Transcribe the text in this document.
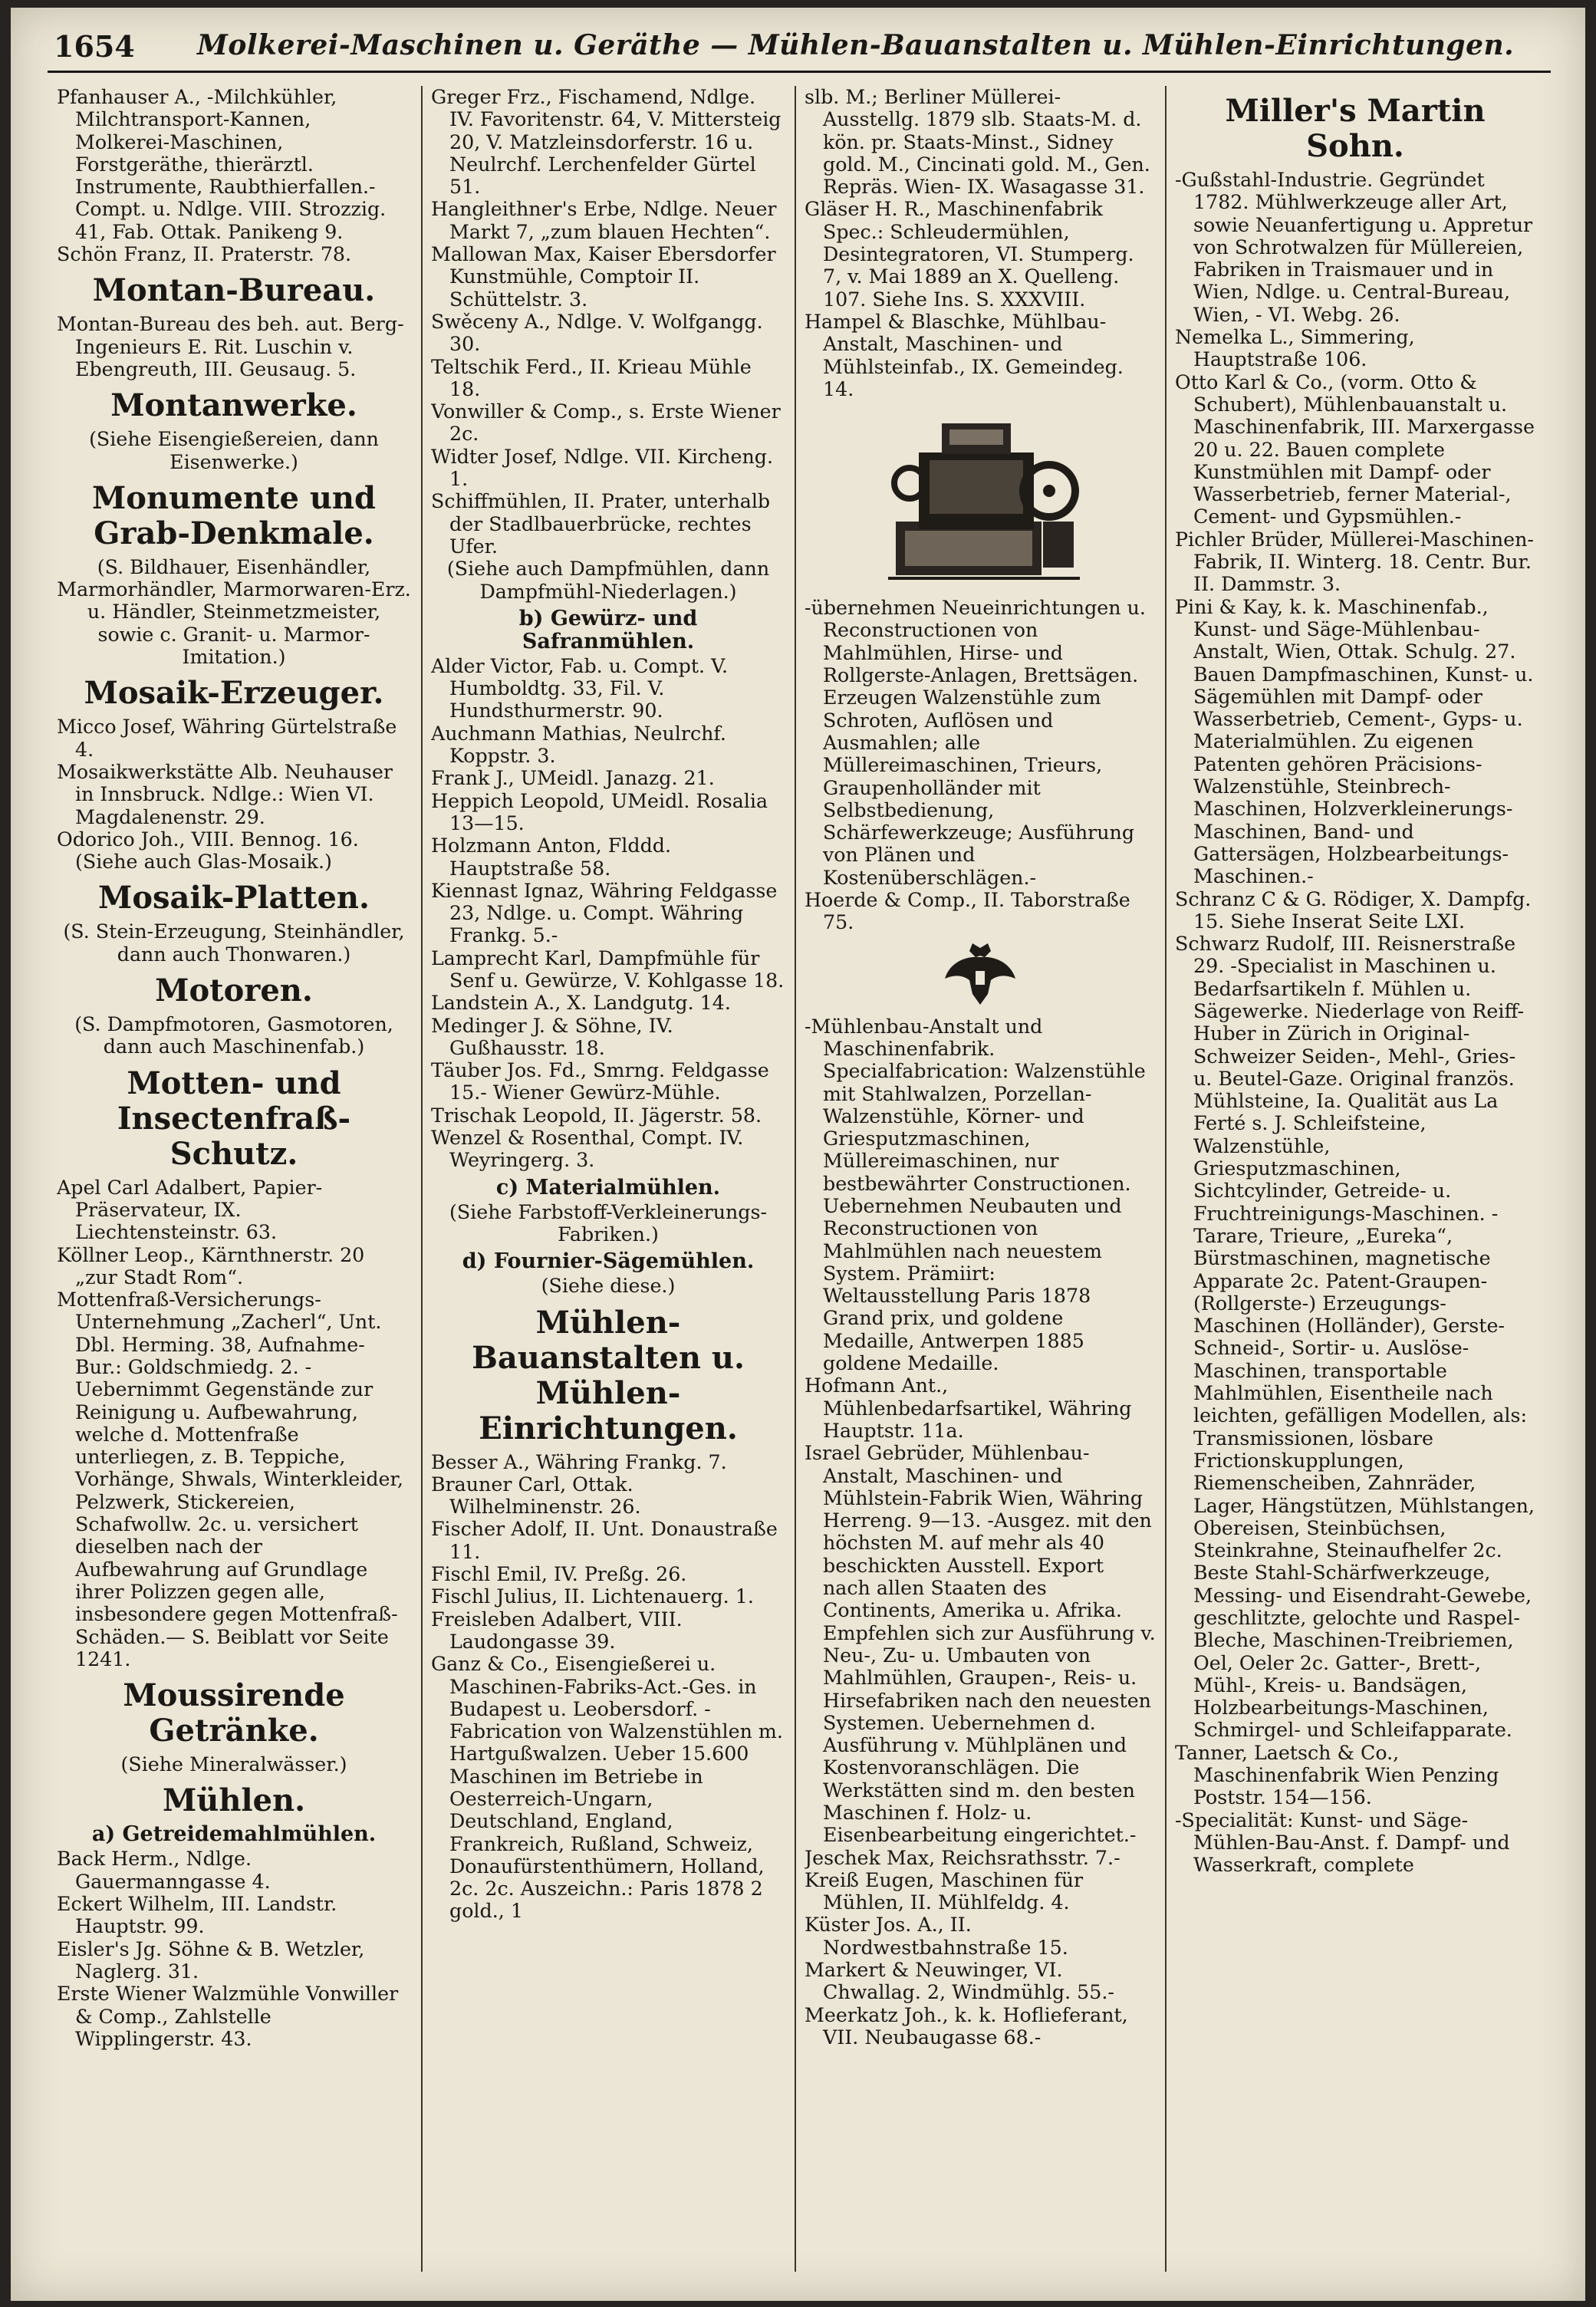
1654 Molkerei-Maschinen u. Geräthe — Mühlen-Bauanstalten u. Mühlen-Einrichtungen.

Pfanhauser A., -Milchkühler, Milchtransport-Kannen, Molkerei-Maschinen, Forstgeräthe, thierärztl. Instrumente, Raubthierfallen.- Compt. u. Ndlge. VIII. Strozzig. 41, Fab. Ottak. Panikeng 9.

Schön Franz, II. Praterstr. 78.

Montan-Bureau.

Montan-Bureau des beh. aut. Berg-Ingenieurs E. Rit. Luschin v. Ebengreuth, III. Geusaug. 5.

Montanwerke.

(Siehe Eisengießereien, dann Eisenwerke.)

Monumente und Grab-Denkmale.

(S. Bildhauer, Eisenhändler, Marmorhändler, Marmorwaren-Erz. u. Händler, Steinmetzmeister, sowie c. Granit- u. Marmor-Imitation.)

Mosaik-Erzeuger.

Micco Josef, Währing Gürtelstraße 4.

Mosaikwerkstätte Alb. Neuhauser in Innsbruck. Ndlge.: Wien VI. Magdalenenstr. 29.

Odorico Joh., VIII. Bennog. 16. (Siehe auch Glas-Mosaik.)

Mosaik-Platten.

(S. Stein-Erzeugung, Steinhändler, dann auch Thonwaren.)

Motoren.

(S. Dampfmotoren, Gasmotoren, dann auch Maschinenfab.)

Motten- und Insectenfraß-Schutz.

Apel Carl Adalbert, Papier-Präservateur, IX. Liechtensteinstr. 63.

Köllner Leop., Kärnthnerstr. 20 „zur Stadt Rom“.

Mottenfraß-Versicherungs-Unternehmung „Zacherl“, Unt. Dbl. Herming. 38, Aufnahme-Bur.: Goldschmiedg. 2. -Uebernimmt Gegenstände zur Reinigung u. Aufbewahrung, welche d. Mottenfraße unterliegen, z. B. Teppiche, Vorhänge, Shwals, Winterkleider, Pelzwerk, Stickereien, Schafwollw. 2c. u. versichert dieselben nach der Aufbewahrung auf Grundlage ihrer Polizzen gegen alle, insbesondere gegen Mottenfraß-Schäden.— S. Beiblatt vor Seite 1241.

Moussirende Getränke.

(Siehe Mineralwässer.)

Mühlen.

a) Getreidemahlmühlen.

Back Herm., Ndlge. Gauermanngasse 4.

Eckert Wilhelm, III. Landstr. Hauptstr. 99.

Eisler's Jg. Söhne & B. Wetzler, Naglerg. 31.

Erste Wiener Walzmühle Vonwiller & Comp., Zahlstelle Wipplingerstr. 43.

Greger Frz., Fischamend, Ndlge. IV. Favoritenstr. 64, V. Mittersteig 20, V. Matzleinsdorferstr. 16 u. Neulrchf. Lerchenfelder Gürtel 51.

Hangleithner's Erbe, Ndlge. Neuer Markt 7, „zum blauen Hechten“.

Mallowan Max, Kaiser Ebersdorfer Kunstmühle, Comptoir II. Schüttelstr. 3.

Swěceny A., Ndlge. V. Wolfgangg. 30.

Teltschik Ferd., II. Krieau Mühle 18.

Vonwiller & Comp., s. Erste Wiener 2c.

Widter Josef, Ndlge. VII. Kircheng. 1.

Schiffmühlen, II. Prater, unterhalb der Stadlbauerbrücke, rechtes Ufer.

(Siehe auch Dampfmühlen, dann Dampfmühl-Niederlagen.)

b) Gewürz- und Safranmühlen.

Alder Victor, Fab. u. Compt. V. Humboldtg. 33, Fil. V. Hundsthurmerstr. 90.

Auchmann Mathias, Neulrchf. Koppstr. 3.

Frank J., UMeidl. Janazg. 21.

Heppich Leopold, UMeidl. Rosalia 13—15.

Holzmann Anton, Flddd. Hauptstraße 58.

Kiennast Ignaz, Währing Feldgasse 23, Ndlge. u. Compt. Währing Frankg. 5.-

Lamprecht Karl, Dampfmühle für Senf u. Gewürze, V. Kohlgasse 18.

Landstein A., X. Landgutg. 14.

Medinger J. & Söhne, IV. Gußhausstr. 18.

Täuber Jos. Fd., Smrng. Feldgasse 15.- Wiener Gewürz-Mühle.

Trischak Leopold, II. Jägerstr. 58.

Wenzel & Rosenthal, Compt. IV. Weyringerg. 3.

c) Materialmühlen.

(Siehe Farbstoff-Verkleinerungs-Fabriken.)

d) Fournier-Sägemühlen.

(Siehe diese.)

Mühlen-Bauanstalten u. Mühlen-Einrichtungen.

Besser A., Währing Frankg. 7.

Brauner Carl, Ottak. Wilhelminenstr. 26.

Fischer Adolf, II. Unt. Donaustraße 11.

Fischl Emil, IV. Preßg. 26.

Fischl Julius, II. Lichtenauerg. 1.

Freisleben Adalbert, VIII. Laudongasse 39.

Ganz & Co., Eisengießerei u. Maschinen-Fabriks-Act.-Ges. in Budapest u. Leobersdorf. -Fabrication von Walzenstühlen m. Hartgußwalzen. Ueber 15.600 Maschinen im Betriebe in Oesterreich-Ungarn, Deutschland, England, Frankreich, Rußland, Schweiz, Donaufürstenthümern, Holland, 2c. 2c. Auszeichn.: Paris 1878 2 gold., 1

slb. M.; Berliner Müllerei-Ausstellg. 1879 slb. Staats-M. d. kön. pr. Staats-Minst., Sidney gold. M., Cincinati gold. M., Gen. Repräs. Wien- IX. Wasagasse 31.

Gläser H. R., Maschinenfabrik Spec.: Schleudermühlen, Desintegratoren, VI. Stumperg. 7, v. Mai 1889 an X. Quelleng. 107. Siehe Ins. S. XXXVIII.

Hampel & Blaschke, Mühlbau-Anstalt, Maschinen- und Mühlsteinfab., IX. Gemeindeg. 14.

-übernehmen Neueinrichtungen u. Reconstructionen von Mahlmühlen, Hirse- und Rollgerste-Anlagen, Brettsägen. Erzeugen Walzenstühle zum Schroten, Auflösen und Ausmahlen; alle Müllereimaschinen, Trieurs, Graupenholländer mit Selbstbedienung, Schärfewerkzeuge; Ausführung von Plänen und Kostenüberschlägen.-

Hoerde & Comp., II. Taborstraße 75.

-Mühlenbau-Anstalt und Maschinenfabrik. Specialfabrication: Walzenstühle mit Stahlwalzen, Porzellan-Walzenstühle, Körner- und Griesputzmaschinen, Müllereimaschinen, nur bestbewährter Constructionen. Uebernehmen Neubauten und Reconstructionen von Mahlmühlen nach neuestem System. Prämiirt: Weltausstellung Paris 1878 Grand prix, und goldene Medaille, Antwerpen 1885 goldene Medaille.

Hofmann Ant., Mühlenbedarfsartikel, Währing Hauptstr. 11a.

Israel Gebrüder, Mühlenbau-Anstalt, Maschinen- und Mühlstein-Fabrik Wien, Währing Herreng. 9—13. -Ausgez. mit den höchsten M. auf mehr als 40 beschickten Ausstell. Export nach allen Staaten des Continents, Amerika u. Afrika. Empfehlen sich zur Ausführung v. Neu-, Zu- u. Umbauten von Mahlmühlen, Graupen-, Reis- u. Hirsefabriken nach den neuesten Systemen. Uebernehmen d. Ausführung v. Mühlplänen und Kostenvoranschlägen. Die Werkstätten sind m. den besten Maschinen f. Holz- u. Eisenbearbeitung eingerichtet.-

Jeschek Max, Reichsrathsstr. 7.-

Kreiß Eugen, Maschinen für Mühlen, II. Mühlfeldg. 4.

Küster Jos. A., II. Nordwestbahnstraße 15.

Markert & Neuwinger, VI. Chwallag. 2, Windmühlg. 55.-

Meerkatz Joh., k. k. Hoflieferant, VII. Neubaugasse 68.-

Miller's Martin Sohn.

-Gußstahl-Industrie. Gegründet 1782. Mühlwerkzeuge aller Art, sowie Neuanfertigung u. Appretur von Schrotwalzen für Müllereien, Fabriken in Traismauer und in Wien, Ndlge. u. Central-Bureau, Wien, - VI. Webg. 26.

Nemelka L., Simmering, Hauptstraße 106.

Otto Karl & Co., (vorm. Otto & Schubert), Mühlenbauanstalt u. Maschinenfabrik, III. Marxergasse 20 u. 22. Bauen complete Kunstmühlen mit Dampf- oder Wasserbetrieb, ferner Material-, Cement- und Gypsmühlen.-

Pichler Brüder, Müllerei-Maschinen-Fabrik, II. Winterg. 18. Centr. Bur. II. Dammstr. 3.

Pini & Kay, k. k. Maschinenfab., Kunst- und Säge-Mühlenbau-Anstalt, Wien, Ottak. Schulg. 27. Bauen Dampfmaschinen, Kunst- u. Sägemühlen mit Dampf- oder Wasserbetrieb, Cement-, Gyps- u. Materialmühlen. Zu eigenen Patenten gehören Präcisions-Walzenstühle, Steinbrech-Maschinen, Holzverkleinerungs-Maschinen, Band- und Gattersägen, Holzbearbeitungs-Maschinen.-

Schranz C & G. Rödiger, X. Dampfg. 15. Siehe Inserat Seite LXI.

Schwarz Rudolf, III. Reisnerstraße 29. -Specialist in Maschinen u. Bedarfsartikeln f. Mühlen u. Sägewerke. Niederlage von Reiff-Huber in Zürich in Original-Schweizer Seiden-, Mehl-, Gries- u. Beutel-Gaze. Original französ. Mühlsteine, Ia. Qualität aus La Ferté s. J. Schleifsteine, Walzenstühle, Griesputzmaschinen, Sichtcylinder, Getreide- u. Fruchtreinigungs-Maschinen. - Tarare, Trieure, „Eureka“, Bürstmaschinen, magnetische Apparate 2c. Patent-Graupen- (Rollgerste-) Erzeugungs-Maschinen (Holländer), Gerste-Schneid-, Sortir- u. Auslöse-Maschinen, transportable Mahlmühlen, Eisentheile nach leichten, gefälligen Modellen, als: Transmissionen, lösbare Frictionskupplungen, Riemenscheiben, Zahnräder, Lager, Hängstützen, Mühlstangen, Obereisen, Steinbüchsen, Steinkrahne, Steinaufhelfer 2c. Beste Stahl-Schärfwerkzeuge, Messing- und Eisendraht-Gewebe, geschlitzte, gelochte und Raspel-Bleche, Maschinen-Treibriemen, Oel, Oeler 2c. Gatter-, Brett-, Mühl-, Kreis- u. Bandsägen, Holzbearbeitungs-Maschinen, Schmirgel- und Schleifapparate.

Tanner, Laetsch & Co., Maschinenfabrik Wien Penzing Poststr. 154—156.

-Specialität: Kunst- und Säge-Mühlen-Bau-Anst. f. Dampf- und Wasserkraft, complete
